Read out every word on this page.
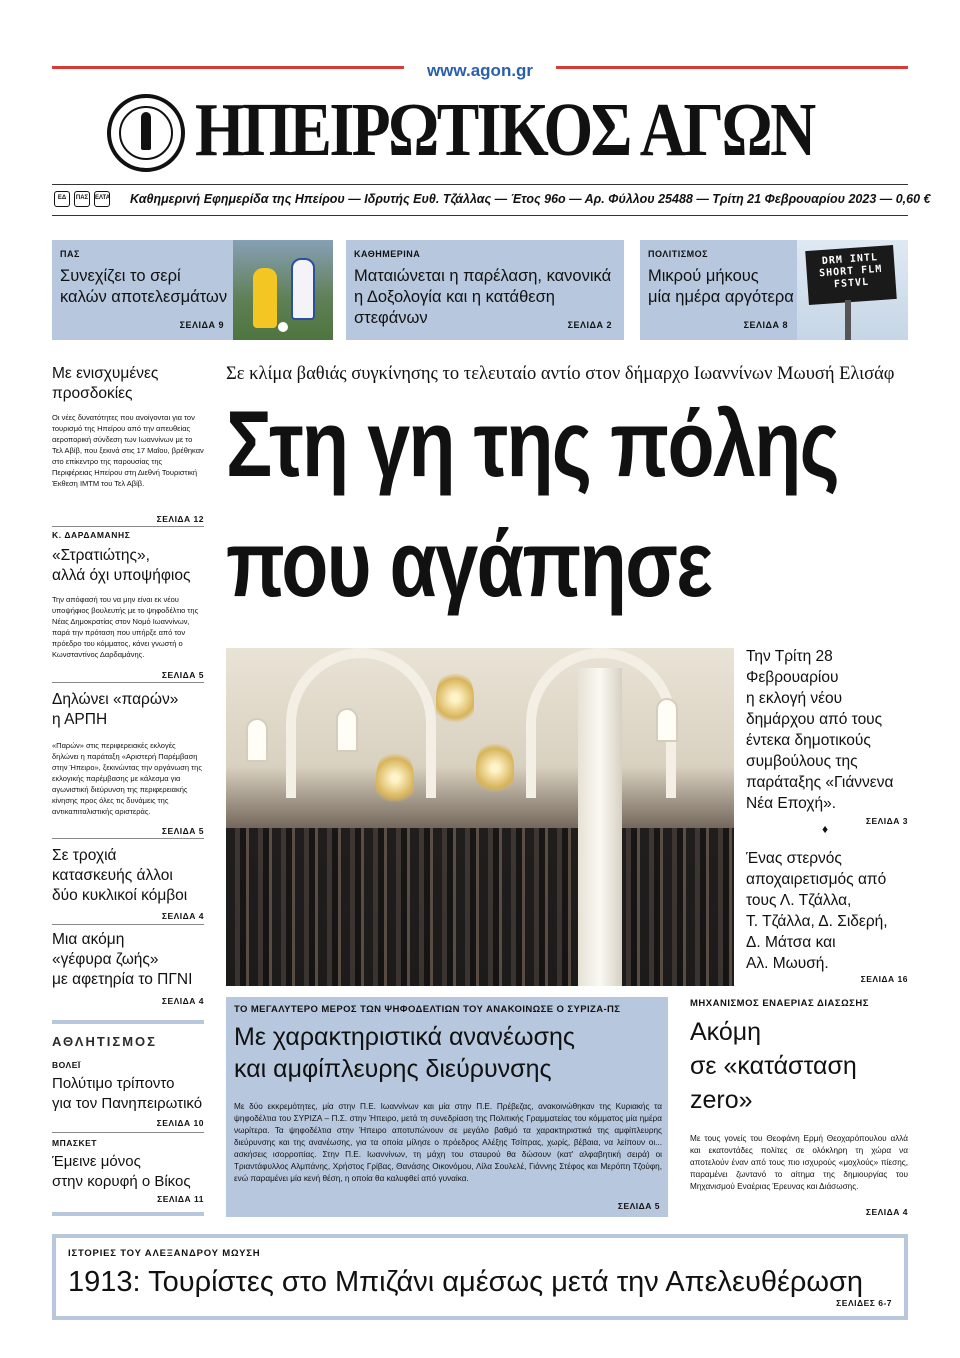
www.agon.gr
ΗΠΕΙΡΩΤΙΚΟΣ ΑΓΩΝ
ΕΔ	ΠΑΣ	ΕΛΤΑ Καθημερινή Εφημερίδα της Ηπείρου — Ιδρυτής Ευθ. Τζάλλας — Έτος 96ο — Αρ. Φύλλου 25488 — Τρίτη 21 Φεβρουαρίου 2023 — 0,60 €
ΠΑΣ
Συνεχίζει το σερί
καλών αποτελεσμάτων
ΣΕΛΙΔΑ 9
ΚΑΘΗΜΕΡΙΝΑ
Ματαιώνεται η παρέλαση, κανονικά
η Δοξολογία και η κατάθεση στεφάνων	ΣΕΛΙΔΑ 2
ΠΟΛΙΤΙΣΜΟΣ
Μικρού μήκους
μία ημέρα αργότερα
ΣΕΛΙΔΑ 8
DRM INTL
SHORT FLM
FSTVL
Με ενισχυμένες
προσδοκίες
Οι νέες δυνατότητες που ανοίγονται για τον τουρισμό της Ηπείρου από την απευθείας αεροπορική σύνδεση των Ιωαννίνων με το Τελ Αβίβ, που ξεκινά στις 17 Μαΐου, βρέθηκαν στο επίκεντρο της παρουσίας της Περιφέρειας Ηπείρου στη Διεθνή Τουριστική Έκθεση IMTM του Τελ Αβίβ.
ΣΕΛΙΔΑ 12
Κ. ΔΑΡΔΑΜΑΝΗΣ
«Στρατιώτης»,
αλλά όχι υποψήφιος
Την απόφασή του να μην είναι εκ νέου υποψήφιος βουλευτής με το ψηφοδέλτιο της Νέας Δημοκρατίας στον Νομό Ιωαννίνων, παρά την πρόταση που υπήρξε από τον πρόεδρο του κόμματος, κάνει γνωστή ο Κωνσταντίνος Δαρδαμάνης.
ΣΕΛΙΔΑ 5
Δηλώνει «παρών»
η ΑΡΠΗ
«Παρών» στις περιφερειακές εκλογές δηλώνει η παράταξη «Αριστερή Παρέμβαση στην Ήπειρο», ξεκινώντας την οργάνωση της εκλογικής παρέμβασης με κάλεσμα για αγωνιστική διεύρυνση της περιφερειακής κίνησης προς όλες τις δυνάμεις της αντικαπιταλιστικής αριστεράς.
ΣΕΛΙΔΑ 5
Σε τροχιά
κατασκευής άλλοι
δύο κυκλικοί κόμβοι
ΣΕΛΙΔΑ 4
Μια ακόμη
«γέφυρα ζωής»
με αφετηρία το ΠΓΝΙ
ΣΕΛΙΔΑ 4
ΑΘΛΗΤΙΣΜΟΣ
ΒΟΛΕΪ
Πολύτιμο τρίποντο
για τον Πανηπειρωτικό
ΣΕΛΙΔΑ 10
ΜΠΑΣΚΕΤ
Έμεινε μόνος
στην κορυφή ο Βίκος
ΣΕΛΙΔΑ 11
Σε κλίμα βαθιάς συγκίνησης το τελευταίο αντίο στον δήμαρχο Ιωαννίνων Μωυσή Ελισάφ
Στη γη της πόλης
που αγάπησε
Την Τρίτη 28
Φεβρουαρίου
η εκλογή νέου
δημάρχου από τους
έντεκα δημοτικούς
συμβούλους της
παράταξης «Γιάννενα
Νέα Εποχή».
ΣΕΛΙΔΑ 3
♦
Ένας στερνός
αποχαιρετισμός από
τους Λ. Τζάλλα,
Τ. Τζάλλα, Δ. Σιδερή,
Δ. Μάτσα και
Αλ. Μωυσή.
ΣΕΛΙΔΑ 16
ΤΟ ΜΕΓΑΛΥΤΕΡΟ ΜΕΡΟΣ ΤΩΝ ΨΗΦΟΔΕΛΤΙΩΝ ΤΟΥ ΑΝΑΚΟΙΝΩΣΕ Ο ΣΥΡΙΖΑ-ΠΣ
Με χαρακτηριστικά ανανέωσης
και αμφίπλευρης διεύρυνσης
Με δύο εκκρεμότητες, μία στην Π.Ε. Ιωαννίνων και μία στην Π.Ε. Πρέβεζας, ανακοινώθηκαν της Κυριακής τα ψηφοδέλτια του ΣΥΡΙΖΑ – Π.Σ. στην Ήπειρο, μετά τη συνεδρίαση της Πολιτικής Γραμματείας του κόμματος μία ημέρα νωρίτερα. Τα ψηφοδέλτια στην Ήπειρο αποτυπώνουν σε μεγάλο βαθμό τα χαρακτηριστικά της αμφίπλευρης διεύρυνσης και της ανανέωσης, για τα οποία μίλησε ο πρόεδρος Αλέξης Τσίπρας, χωρίς, βέβαια, να λείπουν οι... ασκήσεις ισορροπίας. Στην Π.Ε. Ιωαννίνων, τη μάχη του σταυρού θα δώσουν (κατ' αλφαβητική σειρά) οι Τριαντάφυλλος Αλμπάνης, Χρήστος Γρίβας, Θανάσης Οικονόμου, Λίλα Σουλελέ, Γιάννης Στέφος και Μερόπη Τζούφη, ενώ παραμένει μία κενή θέση, η οποία θα καλυφθεί από γυναίκα.
ΣΕΛΙΔΑ 5
ΜΗΧΑΝΙΣΜΟΣ ΕΝΑΕΡΙΑΣ ΔΙΑΣΩΣΗΣ
Ακόμη
σε «κατάσταση
zero»
Με τους γονείς του Θεοφάνη Ερμή Θεοχαρόπουλου αλλά και εκατοντάδες πολίτες σε ολόκληρη τη χώρα να αποτελούν έναν από τους πιο ισχυρούς «μοχλούς» πίεσης, παραμένει ζωντανό το αίτημα της δημιουργίας του Μηχανισμού Εναέριας Έρευνας και Διάσωσης.
ΣΕΛΙΔΑ 4
ΙΣΤΟΡΙΕΣ ΤΟΥ ΑΛΕΞΑΝΔΡΟΥ ΜΩΥΣΗ
1913: Τουρίστες στο Μπιζάνι αμέσως μετά την Απελευθέρωση
ΣΕΛΙΔΕΣ 6-7
